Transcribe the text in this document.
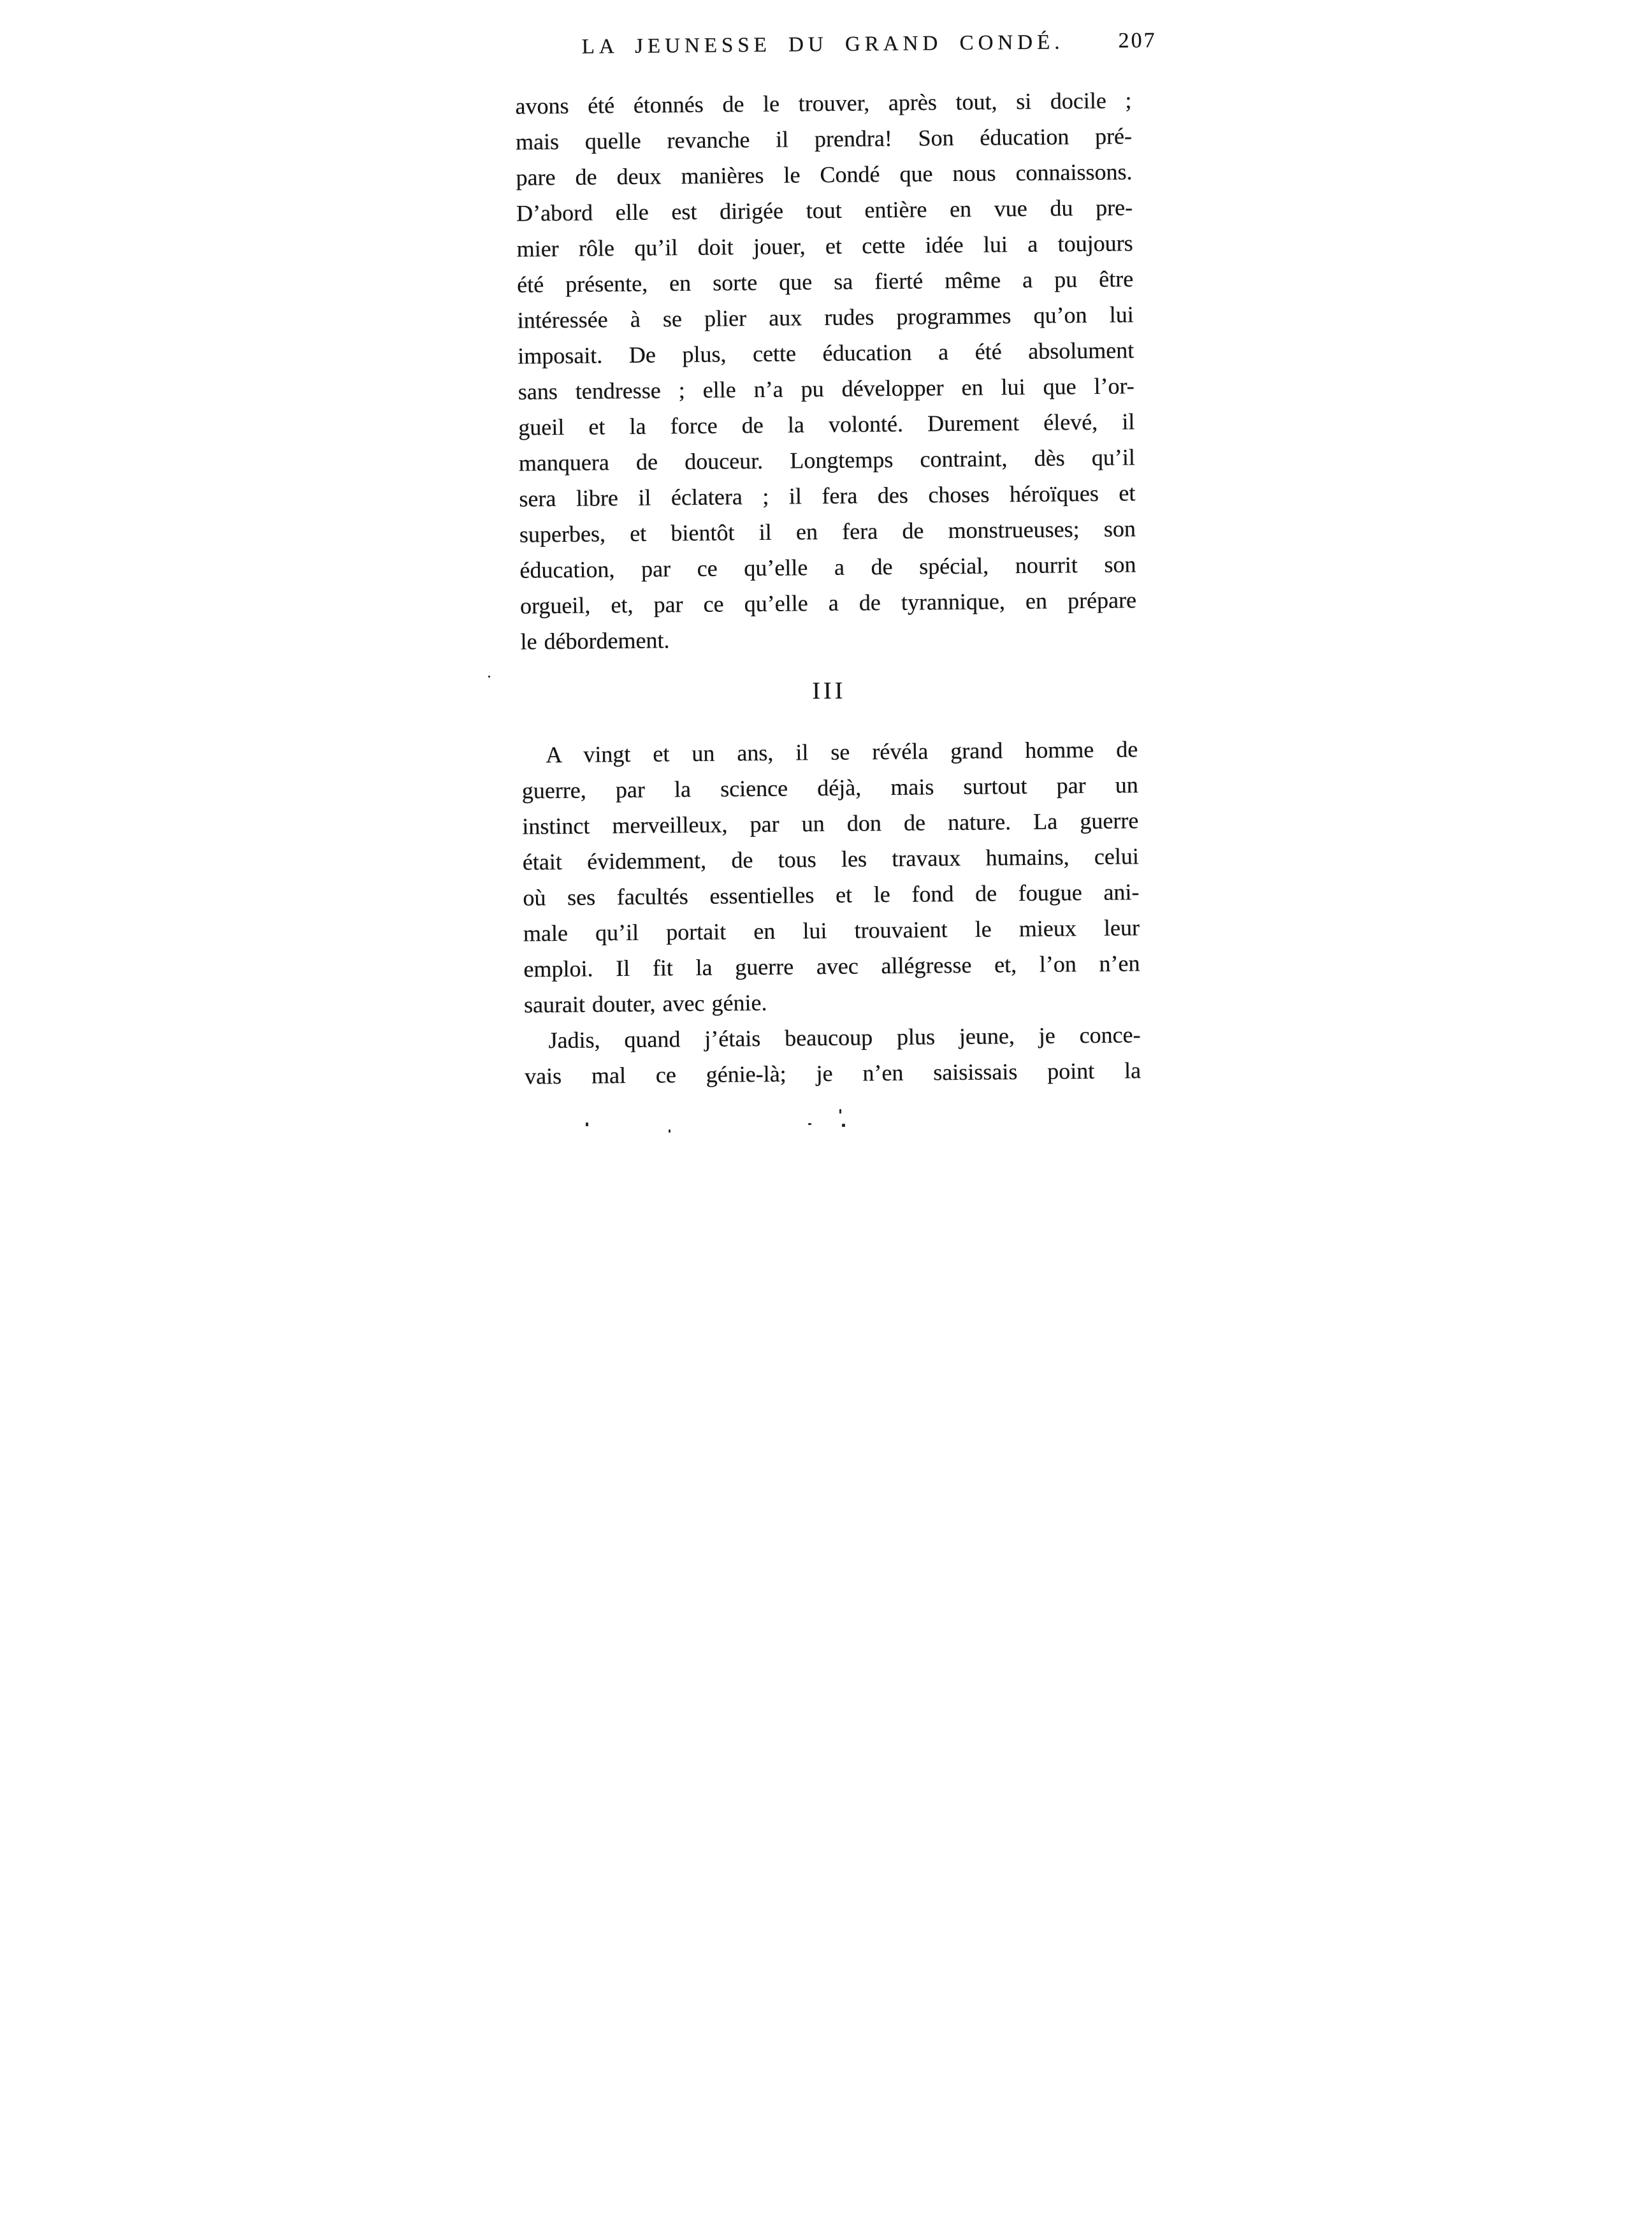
LA JEUNESSE DU GRAND CONDÉ. 207
avons été étonnés de le trouver, après tout, si docile ;
mais quelle revanche il prendra! Son éducation pré-
pare de deux manières le Condé que nous connaissons.
D’abord elle est dirigée tout entière en vue du pre-
mier rôle qu’il doit jouer, et cette idée lui a toujours
été présente, en sorte que sa fierté même a pu être
intéressée à se plier aux rudes programmes qu’on lui
imposait. De plus, cette éducation a été absolument
sans tendresse ; elle n’a pu développer en lui que l’or-
gueil et la force de la volonté. Durement élevé, il
manquera de douceur. Longtemps contraint, dès qu’il
sera libre il éclatera ; il fera des choses héroïques et
superbes, et bientôt il en fera de monstrueuses; son
éducation, par ce qu’elle a de spécial, nourrit son
orgueil, et, par ce qu’elle a de tyrannique, en prépare
le débordement.
III
A vingt et un ans, il se révéla grand homme de
guerre, par la science déjà, mais surtout par un
instinct merveilleux, par un don de nature. La guerre
était évidemment, de tous les travaux humains, celui
où ses facultés essentielles et le fond de fougue ani-
male qu’il portait en lui trouvaient le mieux leur
emploi. Il fit la guerre avec allégresse et, l’on n’en
saurait douter, avec génie.
Jadis, quand j’étais beaucoup plus jeune, je conce-
vais mal ce génie-là; je n’en saisissais point la
